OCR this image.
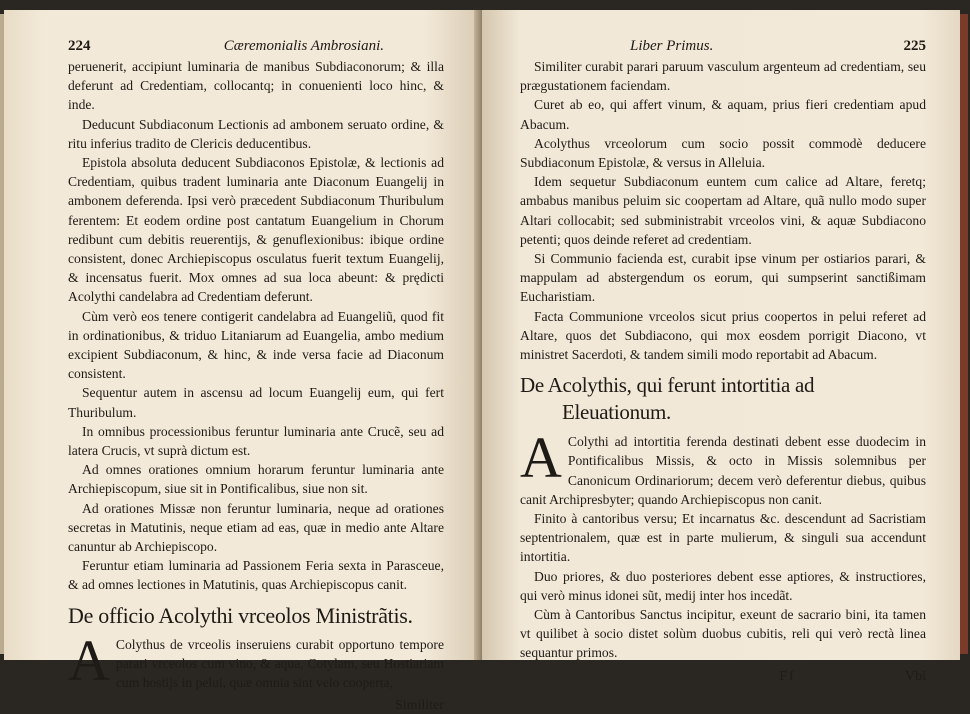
224	Cæremonialis Ambrosiani.

peruenerit, accipiunt luminaria de manibus Subdiaconorum; & illa deferunt ad Credentiam, collocantq; in conuenienti loco hinc, & inde.

Deducunt Subdiaconum Lectionis ad ambonem seruato ordine, & ritu inferius tradito de Clericis deducentibus.

Epistola absoluta deducent Subdiaconos Epistolæ, & lectionis ad Credentiam, quibus tradent luminaria ante Diaconum Euangelij in ambonem deferenda. Ipsi verò præcedent Subdiaconum Thuribulum ferentem: Et eodem ordine post cantatum Euangelium in Chorum redibunt cum debitis reuerentijs, & genuflexionibus: ibique ordine consistent, donec Archiepiscopus osculatus fuerit textum Euangelij, & incensatus fuerit. Mox omnes ad sua loca abeunt: & prędicti Acolythi candelabra ad Credentiam deferunt.

Cùm verò eos tenere contigerit candelabra ad Euangeliũ, quod fit in ordinationibus, & triduo Litaniarum ad Euangelia, ambo medium excipient Subdiaconum, & hinc, & inde versa facie ad Diaconum consistent.

Sequentur autem in ascensu ad locum Euangelij eum, qui fert Thuribulum.

In omnibus processionibus feruntur luminaria ante Crucẽ, seu ad latera Crucis, vt suprà dictum est.

Ad omnes orationes omnium horarum feruntur luminaria ante Archiepiscopum, siue sit in Pontificalibus, siue non sit.

Ad orationes Missæ non feruntur luminaria, neque ad orationes secretas in Matutinis, neque etiam ad eas, quæ in medio ante Altare canuntur ab Archiepiscopo.

Feruntur etiam luminaria ad Passionem Feria sexta in Parasceue, & ad omnes lectiones in Matutinis, quas Archiepiscopus canit.

De officio Acolythi vrceolos Ministrãtis.
A Colythus de vrceolis inseruiens curabit opportuno tempore parari vrceolos cum vino, & aqua, Cotylam, seu Hostiariam cum hostijs in pelui, quæ omnia sint velo cooperta,
Similiter
Liber Primus.	225

Similiter curabit parari paruum vasculum argenteum ad credentiam, seu prægustationem faciendam.

Curet ab eo, qui affert vinum, & aquam, prius fieri credentiam apud Abacum.

Acolythus vrceolorum cum socio possit commodè deducere Subdiaconum Epistolæ, & versus in Alleluia.

Idem sequetur Subdiaconum euntem cum calice ad Altare, feretq; ambabus manibus peluim sic coopertam ad Altare, quã nullo modo super Altari collocabit; sed subministrabit vrceolos vini, & aquæ Subdiacono petenti; quos deinde referet ad credentiam.

Si Communio facienda est, curabit ipse vinum per ostiarios parari, & mappulam ad abstergendum os eorum, qui sumpserint sanctißimam Eucharistiam.

Facta Communione vrceolos sicut prius coopertos in pelui referet ad Altare, quos det Subdiacono, qui mox eosdem porrigit Diacono, vt ministret Sacerdoti, & tandem simili modo reportabit ad Abacum.

De Acolythis, qui ferunt intortitia ad
Eleuationum.
A Colythi ad intortitia ferenda destinati debent esse duodecim in Pontificalibus Missis, & octo in Missis solemnibus per Canonicum Ordinariorum; decem verò deferentur diebus, quibus canit Archipresbyter; quando Archiepiscopus non canit.

Finito à cantoribus versu; Et incarnatus &c. descendunt ad Sacristiam septentrionalem, quæ est in parte mulierum, & singuli sua accendunt intortitia.

Duo priores, & duo posteriores debent esse aptiores, & instructiores, qui verò minus idonei sũt, medij inter hos incedãt.

Cùm à Cantoribus Sanctus incipitur, exeunt de sacrario bini, ita tamen vt quilibet à socio distet solùm duobus cubitis, reli qui verò rectà linea sequantur primos.

Ff	Vbi
